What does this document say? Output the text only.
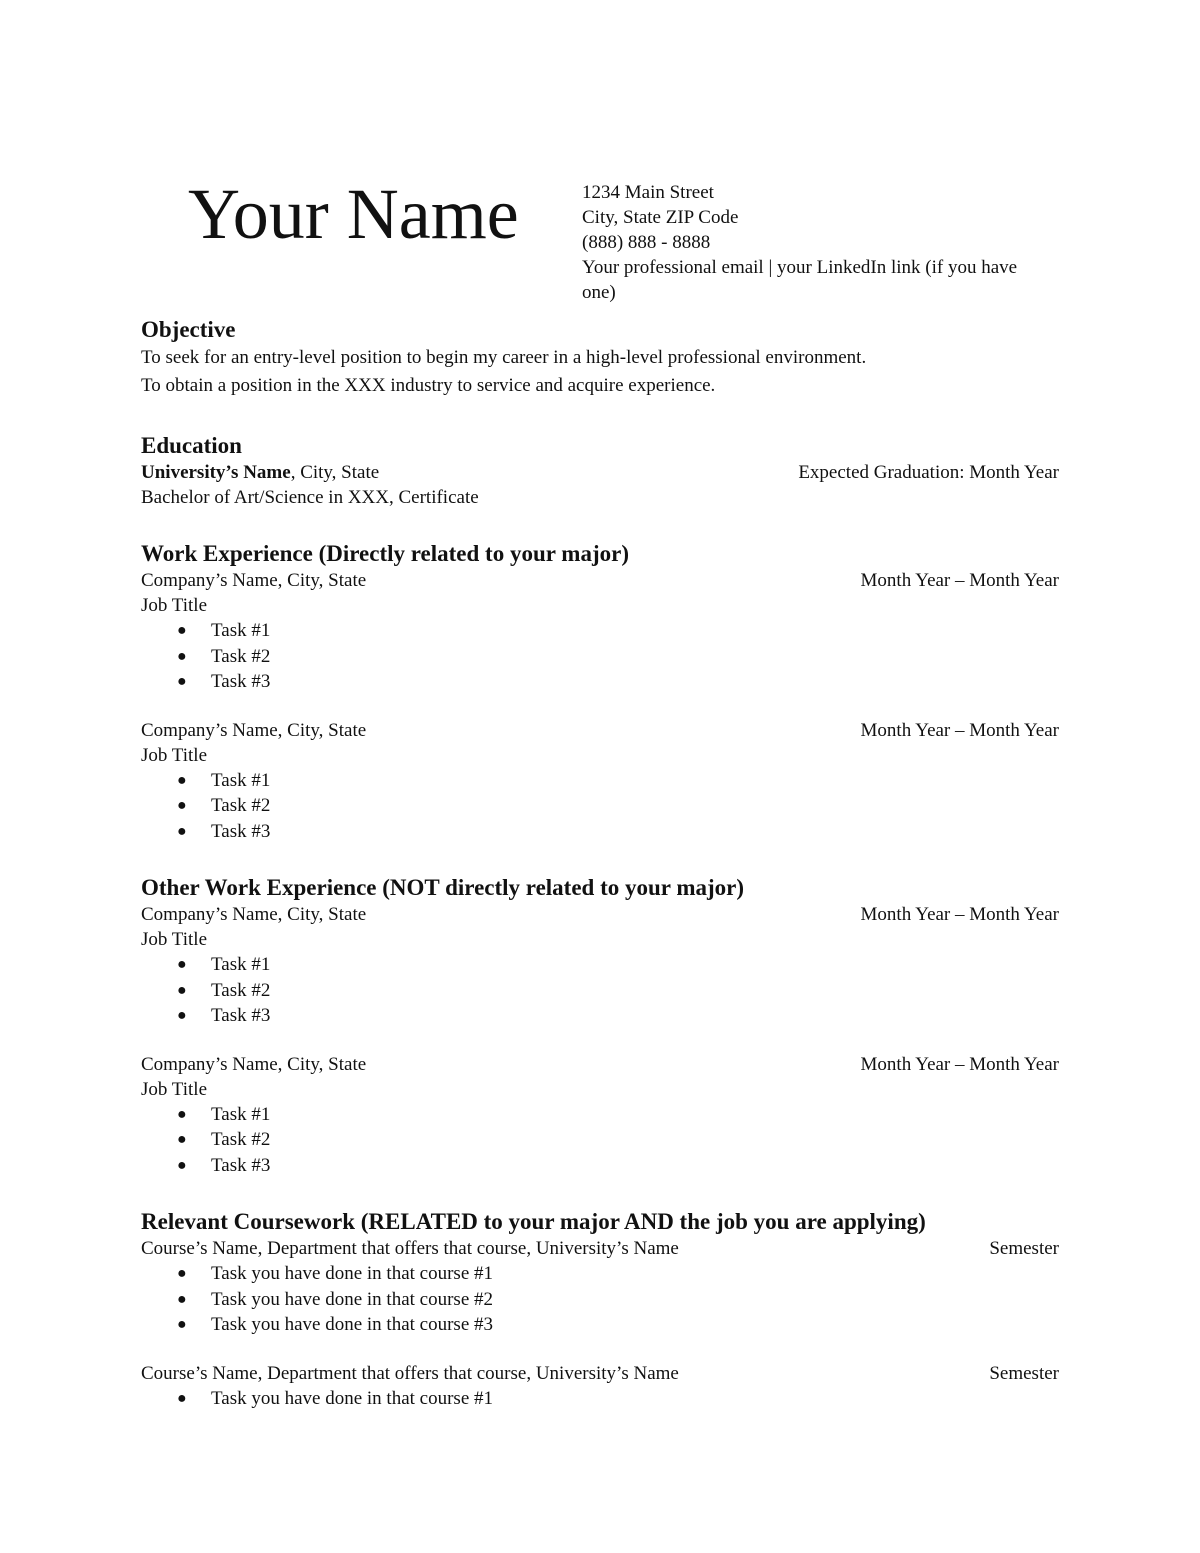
Your Name	1234 Main Street
City, State ZIP Code
(888) 888 - 8888
Your professional email | your LinkedIn link (if you have one)
Objective
To seek for an entry-level position to begin my career in a high-level professional environment.
To obtain a position in the XXX industry to service and acquire experience.
Education
University’s Name, City, State	Expected Graduation: Month Year
Bachelor of Art/Science in XXX, Certificate
Work Experience (Directly related to your major)
Company’s Name, City, State	Month Year – Month Year
Job Title
● Task #1
● Task #2
● Task #3
Company’s Name, City, State	Month Year – Month Year
Job Title
● Task #1
● Task #2
● Task #3
Other Work Experience (NOT directly related to your major)
Company’s Name, City, State	Month Year – Month Year
Job Title
● Task #1
● Task #2
● Task #3
Company’s Name, City, State	Month Year – Month Year
Job Title
● Task #1
● Task #2
● Task #3
Relevant Coursework (RELATED to your major AND the job you are applying)
Course’s Name, Department that offers that course, University’s Name	Semester
● Task you have done in that course #1
● Task you have done in that course #2
● Task you have done in that course #3
Course’s Name, Department that offers that course, University’s Name	Semester
● Task you have done in that course #1
